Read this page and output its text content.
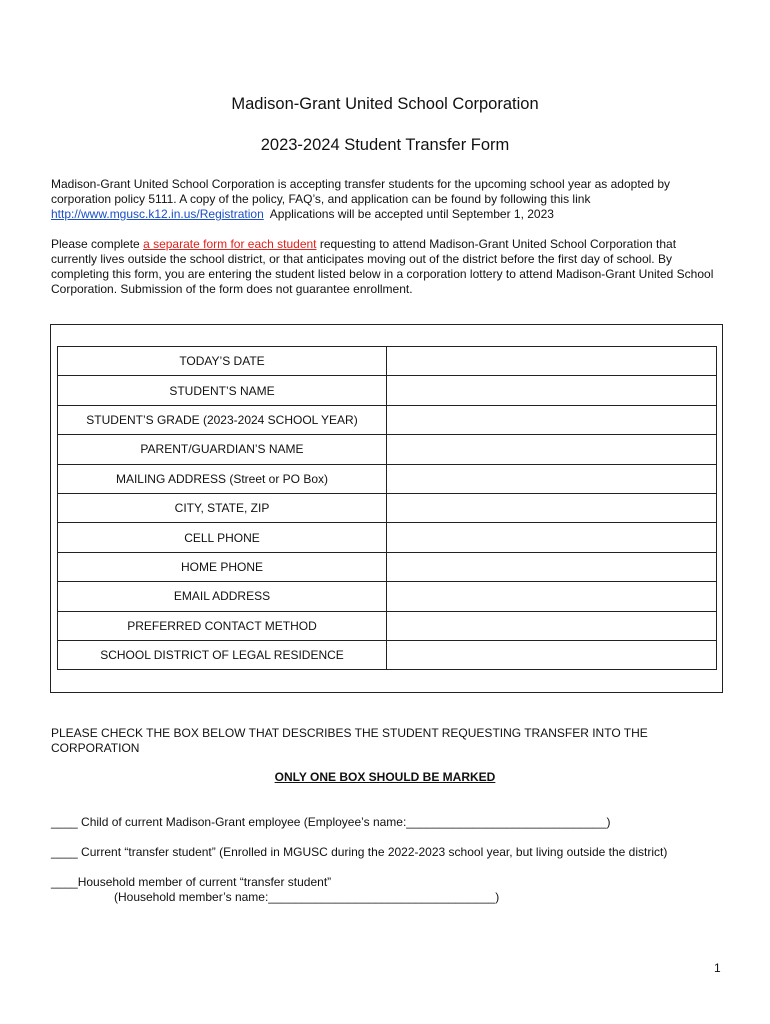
Madison-Grant United School Corporation
2023-2024 Student Transfer Form
Madison-Grant United School Corporation is accepting transfer students for the upcoming school year as adopted by corporation policy 5111. A copy of the policy, FAQ’s, and application can be found by following this link http://www.mgusc.k12.in.us/Registration  Applications will be accepted until September 1, 2023
Please complete a separate form for each student requesting to attend Madison-Grant United School Corporation that currently lives outside the school district, or that anticipates moving out of the district before the first day of school. By completing this form, you are entering the student listed below in a corporation lottery to attend Madison-Grant United School Corporation. Submission of the form does not guarantee enrollment.
TODAY’S DATE	
STUDENT’S NAME	
STUDENT’S GRADE (2023-2024 SCHOOL YEAR)	
PARENT/GUARDIAN’S NAME	
MAILING ADDRESS (Street or PO Box)	
CITY, STATE, ZIP	
CELL PHONE	
HOME PHONE	
EMAIL ADDRESS	
PREFERRED CONTACT METHOD	
SCHOOL DISTRICT OF LEGAL RESIDENCE	
PLEASE CHECK THE BOX BELOW THAT DESCRIBES THE STUDENT REQUESTING TRANSFER INTO THE CORPORATION
ONLY ONE BOX SHOULD BE MARKED
____ Child of current Madison-Grant employee (Employee’s name:______________________________)
____ Current “transfer student” (Enrolled in MGUSC during the 2022-2023 school year, but living outside the district)
____Household member of current “transfer student”
(Household member’s name:__________________________________)
1
